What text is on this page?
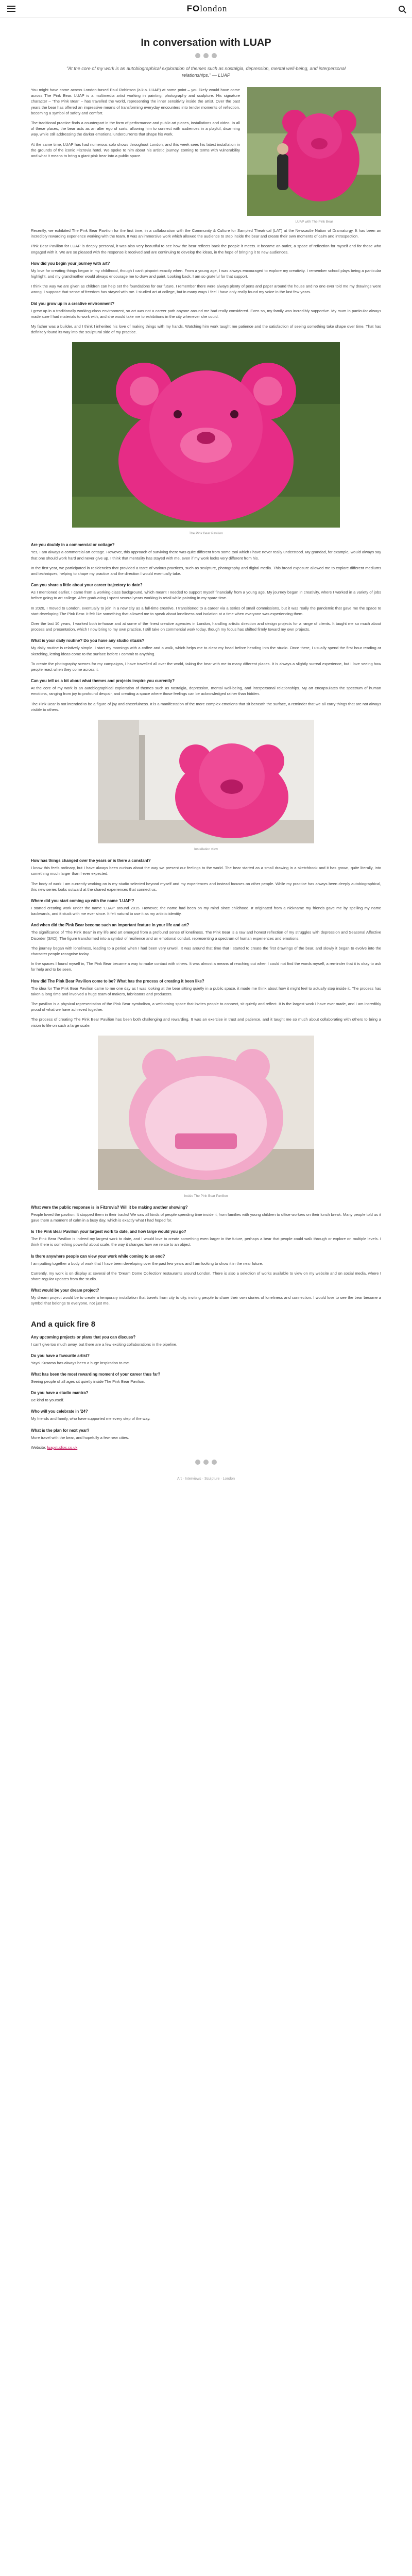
FOlondon
In conversation with LUAP
"At the core of my work is an autobiographical exploration of themes such as nostalgia, depression, mental well-being, and interpersonal relationships." — LUAP
LUAP with The Pink Bear

You might have come across London-based Paul Robinson (a.k.a. LUAP) at some point – you likely would have come across The Pink Bear. LUAP is a multimedia artist working in painting, photography and sculpture. His signature character – 'The Pink Bear' – has travelled the world, representing the inner sensitivity inside the artist. Over the past years the bear has offered an impressive means of transforming everyday encounters into tender moments of reflection, becoming a symbol of safety and comfort.

The traditional practice finds a counterpart in the form of performance and public art pieces, installations and video. In all of these places, the bear acts as an alter ego of sorts, allowing him to connect with audiences in a playful, disarming way, while still addressing the darker emotional undercurrents that shape his work.

At the same time, LUAP has had numerous solo shows throughout London, and this week sees his latest installation in the grounds of the iconic Fitzrovia hotel. We spoke to him about his artistic journey, coming to terms with vulnerability and what it means to bring a giant pink bear into a public space.

Recently, we exhibited The Pink Bear Pavilion for the first time, in a collaboration with the Community & Culture for Sampled Theatrical (LAT) at the Newcastle Nation of Dramaturgy. It has been an incredibly rewarding experience working with the team. It was an immersive work which allowed the audience to step inside the bear and create their own moments of calm and introspection.

Pink Bear Pavilion for LUAP is deeply personal, it was also very beautiful to see how the bear reflects back the people it meets. It became an outlet, a space of reflection for myself and for those who engaged with it. We are so pleased with the response it received and are continuing to develop the ideas, in the hope of bringing it to new audiences.

How did you begin your journey with art?

My love for creating things began in my childhood, though I can't pinpoint exactly when. From a young age, I was always encouraged to explore my creativity. I remember school plays being a particular highlight, and my grandmother would always encourage me to draw and paint. Looking back, I am so grateful for that support.

I think the way we are given as children can help set the foundations for our future. I remember there were always plenty of pens and paper around the house and no one ever told me my drawings were wrong. I suppose that sense of freedom has stayed with me. I studied art at college, but in many ways I feel I have only really found my voice in the last few years.

Did you grow up in a creative environment?

I grew up in a traditionally working-class environment, so art was not a career path anyone around me had really considered. Even so, my family was incredibly supportive. My mum in particular always made sure I had materials to work with, and she would take me to exhibitions in the city whenever she could.

My father was a builder, and I think I inherited his love of making things with my hands. Watching him work taught me patience and the satisfaction of seeing something take shape over time. That has definitely found its way into the sculptural side of my practice.

The Pink Bear Pavilion
Are you doubly in a commercial or cottage?

Yes, I am always a commercial art cottage. However, this approach of surviving there was quite different from some tool which I have never really understood. My grandad, for example, would always say that one should work hard and never give up. I think that mentality has stayed with me, even if my work looks very different from his.

In the first year, we participated in residencies that provided a taste of various practices, such as sculpture, photography and digital media. This broad exposure allowed me to explore different mediums and techniques, helping to shape my practice and the direction I would eventually take.

Can you share a little about your career trajectory to date?

As I mentioned earlier, I came from a working-class background, which meant I needed to support myself financially from a young age. My journey began in creativity, where I worked in a variety of jobs before going to art college. After graduating I spent several years working in retail while painting in my spare time.

In 2020, I moved to London, eventually to join in a new city as a full-time creative. I transitioned to a career via a series of small commissions, but it was really the pandemic that gave me the space to start developing The Pink Bear. It felt like something that allowed me to speak about loneliness and isolation at a time when everyone was experiencing them.

Over the last 10 years, I worked both in-house and at some of the finest creative agencies in London, handling artistic direction and design projects for a range of clients. It taught me so much about process and presentation, which I now bring to my own practice. I still take on commercial work today, though my focus has shifted firmly toward my own projects.

What is your daily routine? Do you have any studio rituals?

My daily routine is relatively simple. I start my mornings with a coffee and a walk, which helps me to clear my head before heading into the studio. Once there, I usually spend the first hour reading or sketching, letting ideas come to the surface before I commit to anything.

To create the photography scenes for my campaigns, I have travelled all over the world, taking the bear with me to many different places. It is always a slightly surreal experience, but I love seeing how people react when they come across it.

Can you tell us a bit about what themes and projects inspire you currently?

At the core of my work is an autobiographical exploration of themes such as nostalgia, depression, mental well-being, and interpersonal relationships. My art encapsulates the spectrum of human emotions, ranging from joy to profound despair, and creating a space where those feelings can be acknowledged rather than hidden.

The Pink Bear is not intended to be a figure of joy and cheerfulness. It is a manifestation of the more complex emotions that sit beneath the surface, a reminder that we all carry things that are not always visible to others.

Installation view
How has things changed over the years or is there a constant?

I know this feels ordinary, but I have always been curious about the way we present our feelings to the world. The bear started as a small drawing in a sketchbook and it has grown, quite literally, into something much larger than I ever expected.

The body of work I am currently working on is my studio selected beyond myself and my experiences and instead focuses on other people. While my practice has always been deeply autobiographical, this new series looks outward at the shared experiences that connect us.

Where did you start coming up with the name 'LUAP'?

I started creating work under the name 'LUAP' around 2015. However, the name had been on my mind since childhood. It originated from a nickname my friends gave me by spelling my name backwards, and it stuck with me ever since. It felt natural to use it as my artistic identity.

And when did the Pink Bear become such an important feature in your life and art?

The significance of 'The Pink Bear' in my life and art emerged from a profound sense of loneliness. The Pink Bear is a raw and honest reflection of my struggles with depression and Seasonal Affective Disorder (SAD). The figure transformed into a symbol of resilience and an emotional conduit, representing a spectrum of human experiences and emotions.

The journey began with loneliness, leading to a period when I had been very unwell. It was around that time that I started to create the first drawings of the bear, and slowly it began to evolve into the character people recognise today.

In the spaces I found myself in, The Pink Bear became a way to make contact with others. It was almost a means of reaching out when I could not find the words myself, a reminder that it is okay to ask for help and to be seen.

How did The Pink Bear Pavilion come to be? What has the process of creating it been like?

The idea for The Pink Bear Pavilion came to me one day as I was looking at the bear sitting quietly in a public space, it made me think about how it might feel to actually step inside it. The process has taken a long time and involved a huge team of makers, fabricators and producers.

The pavilion is a physical representation of the Pink Bear symbolism, a welcoming space that invites people to connect, sit quietly and reflect. It is the largest work I have ever made, and I am incredibly proud of what we have achieved together.

The process of creating The Pink Bear Pavilion has been both challenging and rewarding. It was an exercise in trust and patience, and it taught me so much about collaborating with others to bring a vision to life on such a large scale.

Inside The Pink Bear Pavilion
What were the public response is in Fitzrovia? Will it be making another showing?

People loved the pavilion. It stopped them in their tracks! We saw all kinds of people spending time inside it, from families with young children to office workers on their lunch break. Many people told us it gave them a moment of calm in a busy day, which is exactly what I had hoped for.

Is The Pink Bear Pavilion your largest work to date, and how large would you go?

The Pink Bear Pavilion is indeed my largest work to date, and I would love to create something even larger in the future, perhaps a bear that people could walk through or explore on multiple levels. I think there is something powerful about scale, the way it changes how we relate to an object.

Is there anywhere people can view your work while coming to an end?

I am putting together a body of work that I have been developing over the past few years and I am looking to show it in the near future.

Currently, my work is on display at several of the 'Dream Dome Collection' restaurants around London. There is also a selection of works available to view on my website and on social media, where I share regular updates from the studio.

What would be your dream project?

My dream project would be to create a temporary installation that travels from city to city, inviting people to share their own stories of loneliness and connection. I would love to see the bear become a symbol that belongs to everyone, not just me.

And a quick fire 8
Any upcoming projects or plans that you can discuss?

I can't give too much away, but there are a few exciting collaborations in the pipeline.

Do you have a favourite artist?

Yayoi Kusama has always been a huge inspiration to me.

What has been the most rewarding moment of your career thus far?

Seeing people of all ages sit quietly inside The Pink Bear Pavilion.

Do you have a studio mantra?

Be kind to yourself.

Who will you celebrate in '24?

My friends and family, who have supported me every step of the way.

What is the plan for next year?

More travel with the bear, and hopefully a few new cities.

Website: luapstudios.co.uk

Art · Interviews · Sculpture · London
